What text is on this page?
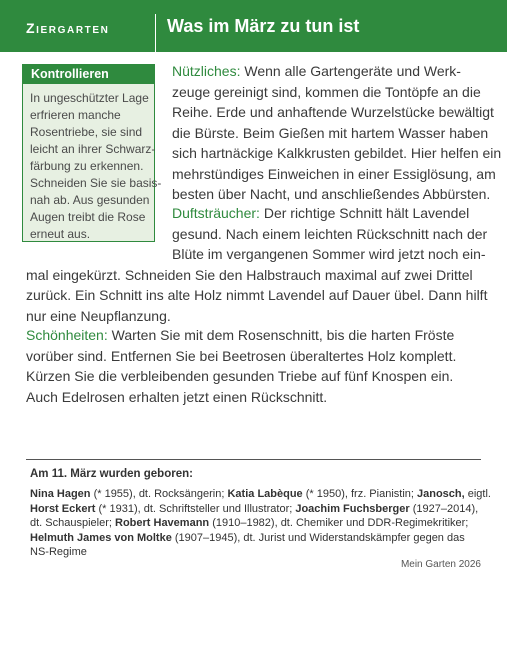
Ziergarten	Was im März zu tun ist
Kontrollieren
In ungeschützter Lage
erfrieren manche
Rosentriebe, sie sind
leicht an ihrer Schwarz-
färbung zu erkennen.
Schneiden Sie sie basis-
nah ab. Aus gesunden
Augen treibt die Rose
erneut aus.
Nützliches: Wenn alle Gartengeräte und Werk-
zeuge gereinigt sind, kommen die Tontöpfe an die
Reihe. Erde und anhaftende Wurzelstücke bewältigt
die Bürste. Beim Gießen mit hartem Wasser haben
sich hartnäckige Kalkkrusten gebildet. Hier helfen ein
mehrstündiges Einweichen in einer Essiglösung, am
besten über Nacht, und anschließendes Abbürsten.
Duftsträucher: Der richtige Schnitt hält Lavendel
gesund. Nach einem leichten Rückschnitt nach der
Blüte im vergangenen Sommer wird jetzt noch ein-
mal eingekürzt. Schneiden Sie den Halbstrauch maximal auf zwei Drittel
zurück. Ein Schnitt ins alte Holz nimmt Lavendel auf Dauer übel. Dann hilft
nur eine Neupflanzung.
Schönheiten: Warten Sie mit dem Rosenschnitt, bis die harten Fröste
vorüber sind. Entfernen Sie bei Beetrosen überaltertes Holz komplett.
Kürzen Sie die verbleibenden gesunden Triebe auf fünf Knospen ein.
Auch Edelrosen erhalten jetzt einen Rückschnitt.
Am 11. März wurden geboren:
Nina Hagen (* 1955), dt. Rocksängerin; Katia Labèque (* 1950), frz. Pianistin; Janosch, eigtl.
Horst Eckert (* 1931), dt. Schriftsteller und Illustrator; Joachim Fuchsberger (1927–2014),
dt. Schauspieler; Robert Havemann (1910–1982), dt. Chemiker und DDR-Regimekritiker;
Helmuth James von Moltke (1907–1945), dt. Jurist und Widerstandskämpfer gegen das
NS-Regime
Mein Garten 2026
